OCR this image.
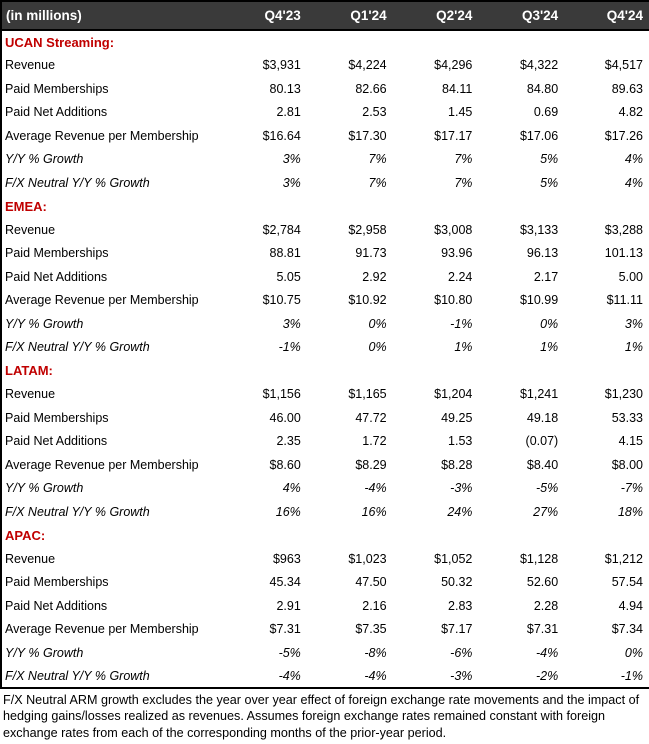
(in millions)	Q4'23	Q1'24	Q2'24	Q3'24	Q4'24
UCAN Streaming:					
Revenue	$3,931	$4,224	$4,296	$4,322	$4,517
Paid Memberships	80.13	82.66	84.11	84.80	89.63
Paid Net Additions	2.81	2.53	1.45	0.69	4.82
Average Revenue per Membership	$16.64	$17.30	$17.17	$17.06	$17.26
Y/Y % Growth	3%	7%	7%	5%	4%
F/X Neutral Y/Y % Growth	3%	7%	7%	5%	4%
EMEA:					
Revenue	$2,784	$2,958	$3,008	$3,133	$3,288
Paid Memberships	88.81	91.73	93.96	96.13	101.13
Paid Net Additions	5.05	2.92	2.24	2.17	5.00
Average Revenue per Membership	$10.75	$10.92	$10.80	$10.99	$11.11
Y/Y % Growth	3%	0%	-1%	0%	3%
F/X Neutral Y/Y % Growth	-1%	0%	1%	1%	1%
LATAM:					
Revenue	$1,156	$1,165	$1,204	$1,241	$1,230
Paid Memberships	46.00	47.72	49.25	49.18	53.33
Paid Net Additions	2.35	1.72	1.53	(0.07)	4.15
Average Revenue per Membership	$8.60	$8.29	$8.28	$8.40	$8.00
Y/Y % Growth	4%	-4%	-3%	-5%	-7%
F/X Neutral Y/Y % Growth	16%	16%	24%	27%	18%
APAC:					
Revenue	$963	$1,023	$1,052	$1,128	$1,212
Paid Memberships	45.34	47.50	50.32	52.60	57.54
Paid Net Additions	2.91	2.16	2.83	2.28	4.94
Average Revenue per Membership	$7.31	$7.35	$7.17	$7.31	$7.34
Y/Y % Growth	-5%	-8%	-6%	-4%	0%
F/X Neutral Y/Y % Growth	-4%	-4%	-3%	-2%	-1%

F/X Neutral ARM growth excludes the year over year effect of foreign exchange rate movements and the impact of hedging gains/losses realized as revenues. Assumes foreign exchange rates remained constant with foreign exchange rates from each of the corresponding months of the prior-year period.
